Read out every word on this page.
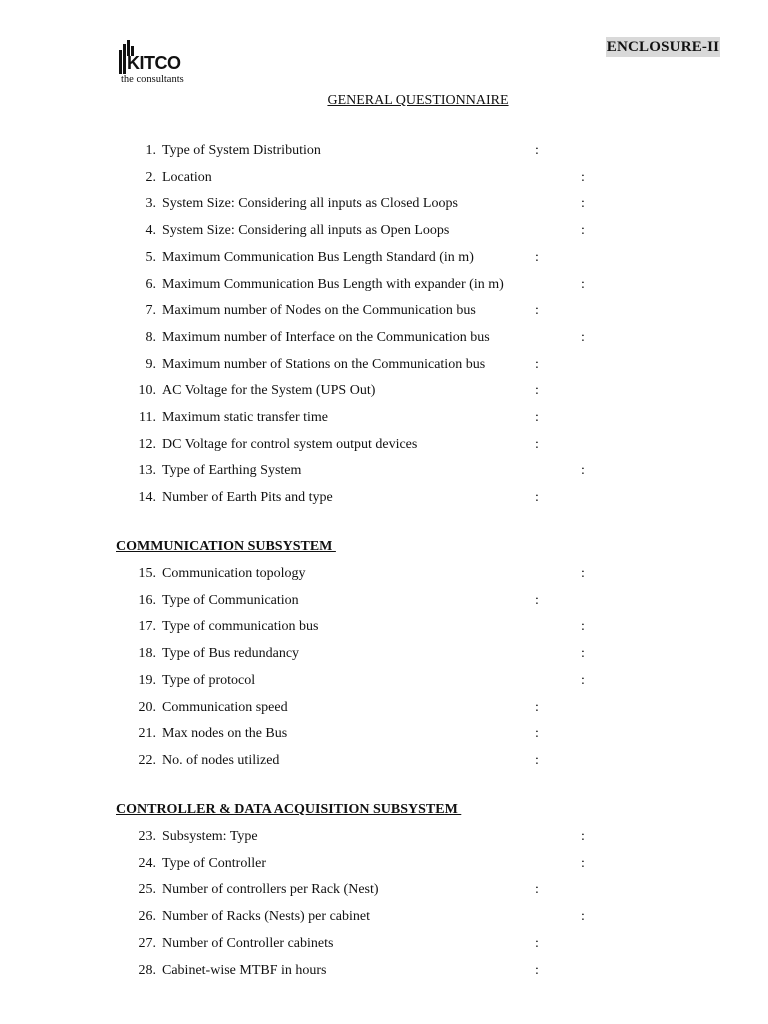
ENCLOSURE-II
KITCO
the consultants
GENERAL QUESTIONNAIRE
1. Type of System Distribution	:
2. Location	:
3. System Size: Considering all inputs as Closed Loops	:
4. System Size: Considering all inputs as Open Loops	:
5. Maximum Communication Bus Length Standard (in m)	:
6. Maximum Communication Bus Length with expander (in m)	:
7. Maximum number of Nodes on the Communication bus	:
8. Maximum number of Interface on the Communication bus	:
9. Maximum number of Stations on the Communication bus	:
10. AC Voltage for the System (UPS Out)	:
11. Maximum static transfer time	:
12. DC Voltage for control system output devices	:
13. Type of Earthing System	:
14. Number of Earth Pits and type	:
COMMUNICATION SUBSYSTEM
15. Communication topology	:
16. Type of Communication	:
17. Type of communication bus	:
18. Type of Bus redundancy	:
19. Type of protocol	:
20. Communication speed	:
21. Max nodes on the Bus	:
22. No. of nodes utilized	:
CONTROLLER & DATA ACQUISITION SUBSYSTEM
23. Subsystem: Type	:
24. Type of Controller	:
25. Number of controllers per Rack (Nest)	:
26. Number of Racks (Nests) per cabinet	:
27. Number of Controller cabinets	:
28. Cabinet-wise MTBF in hours	:
